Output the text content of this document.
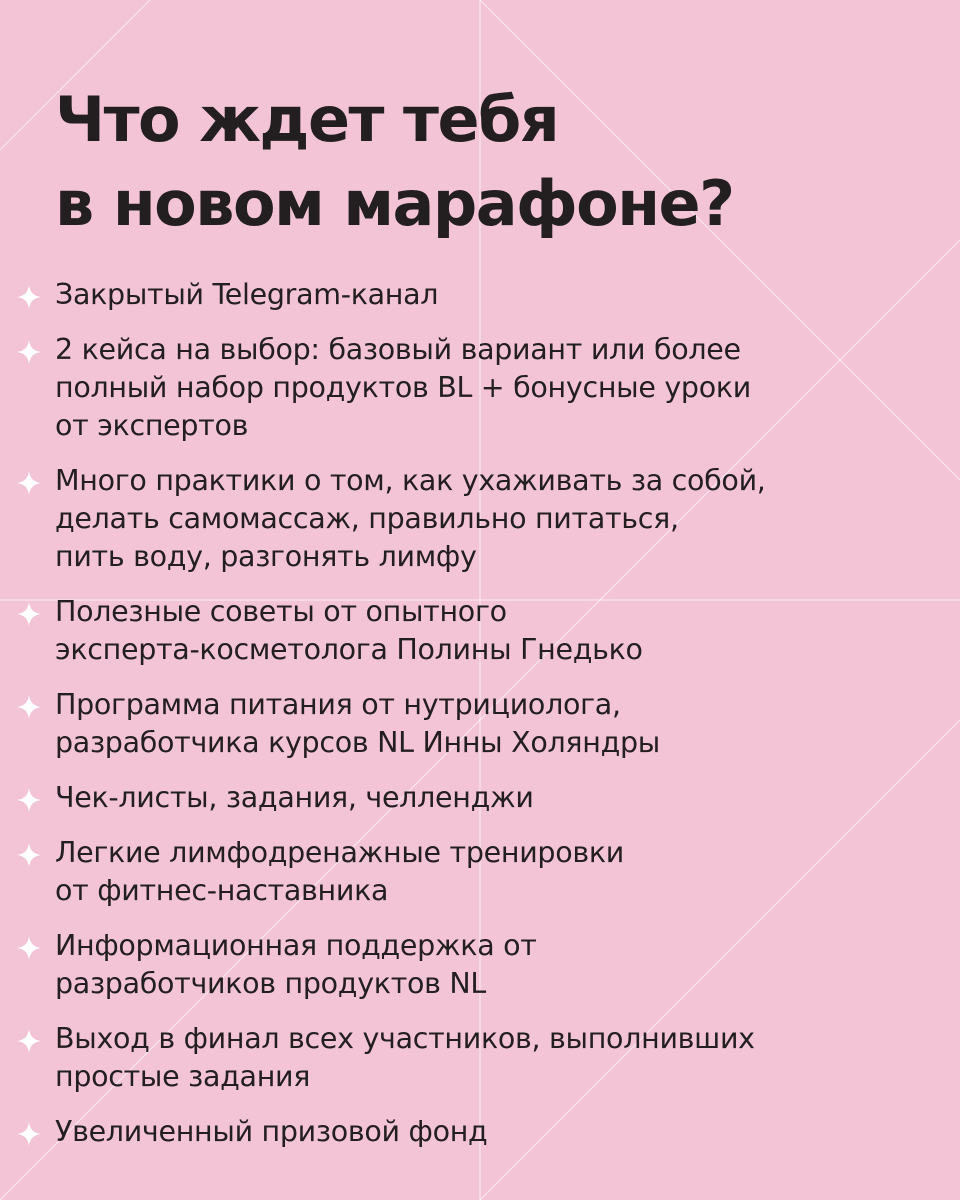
Что ждет тебя
в новом марафоне?
Закрытый Telegram-канал
2 кейса на выбор: базовый вариант или более
полный набор продуктов BL + бонусные уроки
от экспертов
Много практики о том, как ухаживать за собой,
делать самомассаж, правильно питаться,
пить воду, разгонять лимфу
Полезные советы от опытного
эксперта-косметолога Полины Гнедько
Программа питания от нутрициолога,
разработчика курсов NL Инны Холяндры
Чек-листы, задания, челленджи
Легкие лимфодренажные тренировки
от фитнес-наставника
Информационная поддержка от
разработчиков продуктов NL
Выход в финал всех участников, выполнивших
простые задания
Увеличенный призовой фонд
